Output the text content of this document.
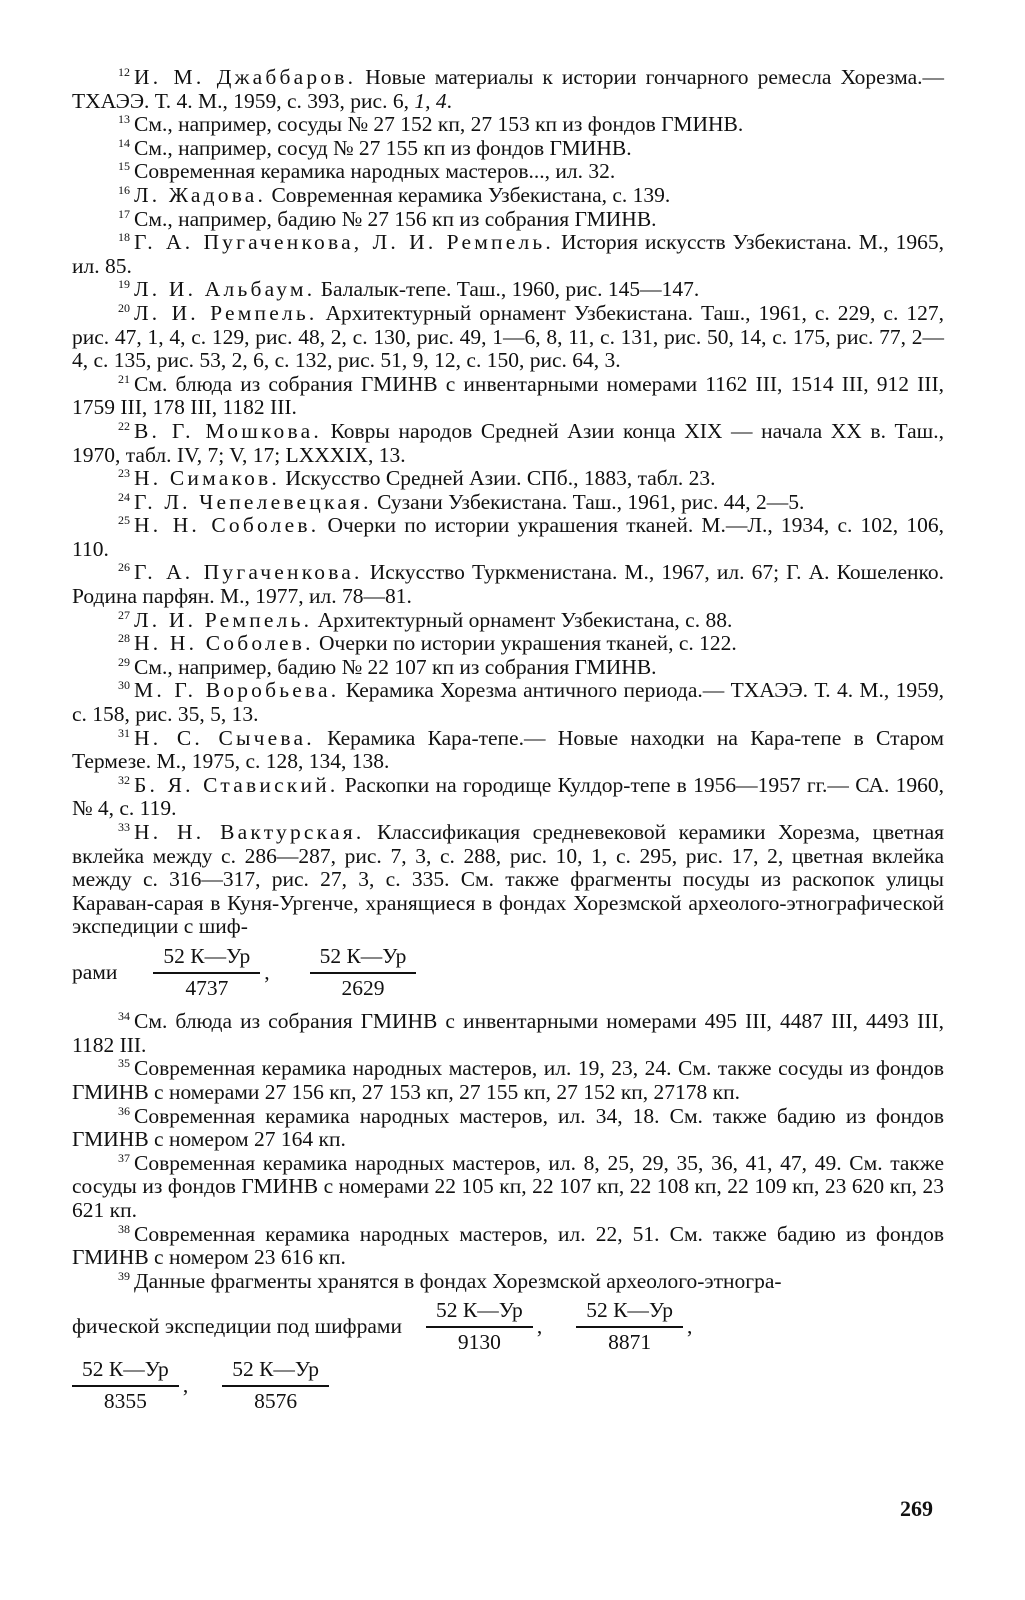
$^{12}$ И. М. Джаббаров. Новые материалы к истории гончарного ремесла Хорезма.— ТХАЭЭ. Т. 4. М., 1959, с. 393, рис. 6, 1, 4.

$^{13}$ См., например, сосуды № 27 152 кп, 27 153 кп из фондов ГМИНВ.

$^{14}$ См., например, сосуд № 27 155 кп из фондов ГМИНВ.

$^{15}$ Современная керамика народных мастеров..., ил. 32.

$^{16}$ Л. Жадова. Современная керамика Узбекистана, с. 139.

$^{17}$ См., например, бадию № 27 156 кп из собрания ГМИНВ.

$^{18}$ Г. А. Пугаченкова, Л. И. Ремпель. История искусств Узбекистана. М., 1965, ил. 85.

$^{19}$ Л. И. Альбаум. Балалык-тепе. Таш., 1960, рис. 145—147.

$^{20}$ Л. И. Ремпель. Архитектурный орнамент Узбекистана. Таш., 1961, с. 229, с. 127, рис. 47, 1, 4, с. 129, рис. 48, 2, с. 130, рис. 49, 1—6, 8, 11, с. 131, рис. 50, 14, с. 175, рис. 77, 2—4, с. 135, рис. 53, 2, 6, с. 132, рис. 51, 9, 12, с. 150, рис. 64, 3.

$^{21}$ См. блюда из собрания ГМИНВ с инвентарными номерами 1162 III, 1514 III, 912 III, 1759 III, 178 III, 1182 III.

$^{22}$ В. Г. Мошкова. Ковры народов Средней Азии конца XIX — начала XX в. Таш., 1970, табл. IV, 7; V, 17; LXXXIX, 13.

$^{23}$ Н. Симаков. Искусство Средней Азии. СПб., 1883, табл. 23.

$^{24}$ Г. Л. Чепелевецкая. Сузани Узбекистана. Таш., 1961, рис. 44, 2—5.

$^{25}$ Н. Н. Соболев. Очерки по истории украшения тканей. М.—Л., 1934, с. 102, 106, 110.

$^{26}$ Г. А. Пугаченкова. Искусство Туркменистана. М., 1967, ил. 67; Г. А. Кошеленко. Родина парфян. М., 1977, ил. 78—81.

$^{27}$ Л. И. Ремпель. Архитектурный орнамент Узбекистана, с. 88.

$^{28}$ Н. Н. Соболев. Очерки по истории украшения тканей, с. 122.

$^{29}$ См., например, бадию № 22 107 кп из собрания ГМИНВ.

$^{30}$ М. Г. Воробьева. Керамика Хорезма античного периода.— ТХАЭЭ. Т. 4. М., 1959, с. 158, рис. 35, 5, 13.

$^{31}$ Н. С. Сычева. Керамика Кара-тепе.— Новые находки на Кара-тепе в Старом Термезе. М., 1975, с. 128, 134, 138.

$^{32}$ Б. Я. Ставиский. Раскопки на городище Кулдор-тепе в 1956—1957 гг.— СА. 1960, № 4, с. 119.

$^{33}$ Н. Н. Вактурская. Классификация средневековой керамики Хорезма, цветная вклейка между с. 286—287, рис. 7, 3, с. 288, рис. 10, 1, с. 295, рис. 17, 2, цветная вклейка между с. 316—317, рис. 27, 3, с. 335. См. также фрагменты посуды из раскопок улицы Караван-сарая в Куня-Ургенче, хранящиеся в фондах Хорезмской археолого-этнографической экспедиции с шиф-

рами $\frac{52 К—Ур}{4737}$ , $\frac{52 К—Ур}{2629}$

$^{34}$ См. блюда из собрания ГМИНВ с инвентарными номерами 495 III, 4487 III, 4493 III, 1182 III.

$^{35}$ Современная керамика народных мастеров, ил. 19, 23, 24. См. также сосуды из фондов ГМИНВ с номерами 27 156 кп, 27 153 кп, 27 155 кп, 27 152 кп, 27178 кп.

$^{36}$ Современная керамика народных мастеров, ил. 34, 18. См. также бадию из фондов ГМИНВ с номером 27 164 кп.

$^{37}$ Современная керамика народных мастеров, ил. 8, 25, 29, 35, 36, 41, 47, 49. См. также сосуды из фондов ГМИНВ с номерами 22 105 кп, 22 107 кп, 22 108 кп, 22 109 кп, 23 620 кп, 23 621 кп.

$^{38}$ Современная керамика народных мастеров, ил. 22, 51. См. также бадию из фондов ГМИНВ с номером 23 616 кп.

$^{39}$ Данные фрагменты хранятся в фондах Хорезмской археолого-этногра-

фической экспедиции под шифрами $\frac{52 К—Ур}{9130}$ , $\frac{52 К—Ур}{8871}$ ,
$\frac{52 К—Ур}{8355}$ , $\frac{52 К—Ур}{8576}$
269
